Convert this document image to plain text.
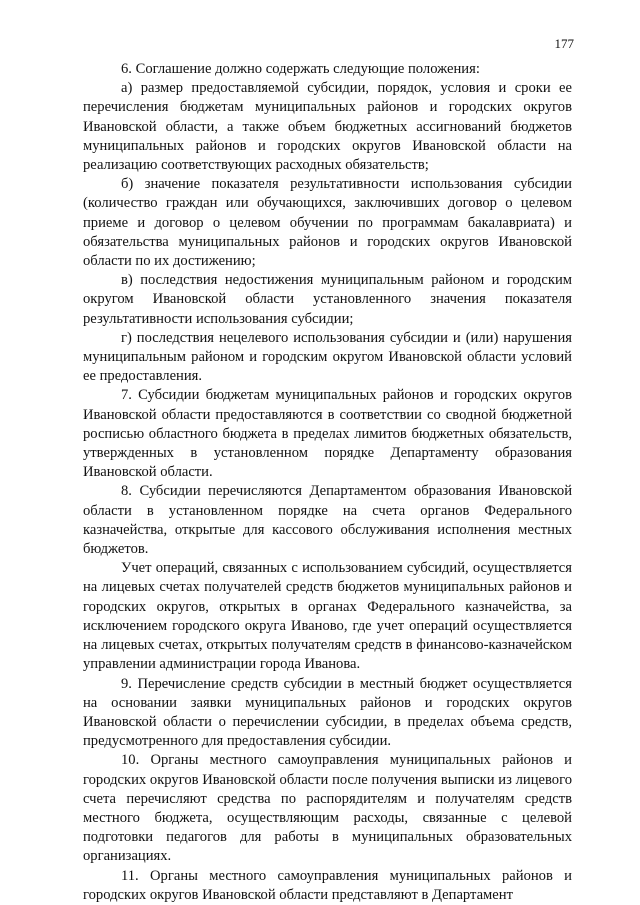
177

6. Соглашение должно содержать следующие положения:

а) размер предоставляемой субсидии, порядок, условия и сроки ее перечисления бюджетам муниципальных районов и городских округов Ивановской области, а также объем бюджетных ассигнований бюджетов муниципальных районов и городских округов Ивановской области на реализацию соответствующих расходных обязательств;

б) значение показателя результативности использования субсидии (количество граждан или обучающихся, заключивших договор о целевом приеме и договор о целевом обучении по программам бакалавриата) и обязательства муниципальных районов и городских округов Ивановской области по их достижению;

в) последствия недостижения муниципальным районом и городским округом Ивановской области установленного значения показателя результативности использования субсидии;

г) последствия нецелевого использования субсидии и (или) нарушения муниципальным районом и городским округом Ивановской области условий ее предоставления.

7. Субсидии бюджетам муниципальных районов и городских округов Ивановской области предоставляются в соответствии со сводной бюджетной росписью областного бюджета в пределах лимитов бюджетных обязательств, утвержденных в установленном порядке Департаменту образования Ивановской области.

8. Субсидии перечисляются Департаментом образования Ивановской области в установленном порядке на счета органов Федерального казначейства, открытые для кассового обслуживания исполнения местных бюджетов.

Учет операций, связанных с использованием субсидий, осуществляется на лицевых счетах получателей средств бюджетов муниципальных районов и городских округов, открытых в органах Федерального казначейства, за исключением городского округа Иваново, где учет операций осуществляется на лицевых счетах, открытых получателям средств в финансово-казначейском управлении администрации города Иванова.

9. Перечисление средств субсидии в местный бюджет осуществляется на основании заявки муниципальных районов и городских округов Ивановской области о перечислении субсидии, в пределах объема средств, предусмотренного для предоставления субсидии.

10. Органы местного самоуправления муниципальных районов и городских округов Ивановской области после получения выписки из лицевого счета перечисляют средства по распорядителям и получателям средств местного бюджета, осуществляющим расходы, связанные с целевой подготовки педагогов для работы в муниципальных образовательных организациях.

11. Органы местного самоуправления муниципальных районов и городских округов Ивановской области представляют в Департамент
